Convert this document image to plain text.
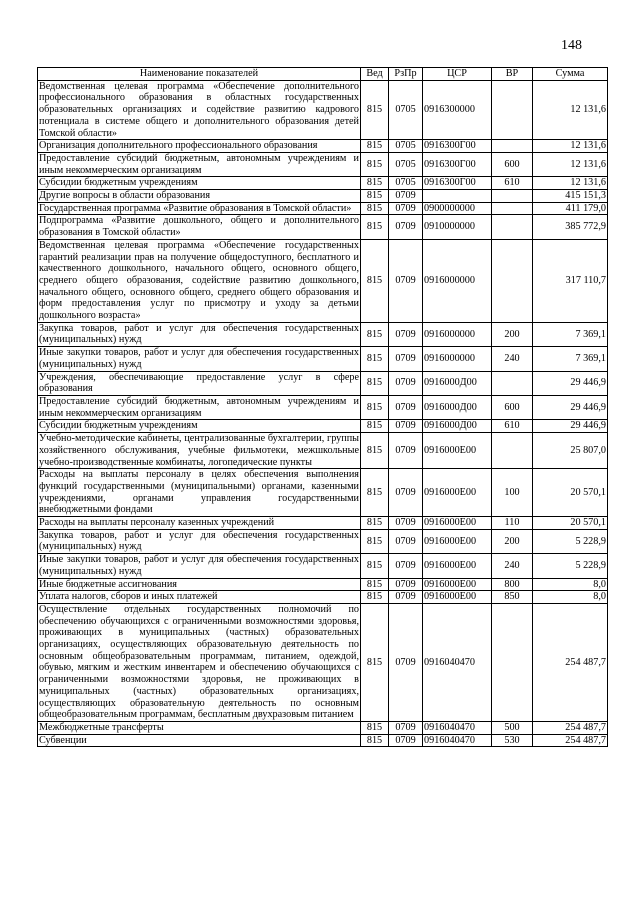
148
Наименование показателей	Вед	РзПр	ЦСР	ВР	Сумма
Ведомственная целевая программа «Обеспечение дополнительного профессионального образования в областных государственных образовательных организациях и содействие развитию кадрового потенциала в системе общего и дополнительного образования детей Томской области»	815	0705	0916300000		12 131,6
Организация дополнительного профессионального образования	815	0705	0916300Г00		12 131,6
Предоставление субсидий бюджетным, автономным учреждениям и иным некоммерческим организациям	815	0705	0916300Г00	600	12 131,6
Субсидии бюджетным учреждениям	815	0705	0916300Г00	610	12 131,6
Другие вопросы в области образования	815	0709			415 151,3
Государственная программа «Развитие образования в Томской области»	815	0709	0900000000		411 179,0
Подпрограмма «Развитие дошкольного, общего и дополнительного образования в Томской области»	815	0709	0910000000		385 772,9
Ведомственная целевая программа «Обеспечение государственных гарантий реализации прав на получение общедоступного, бесплатного и качественного дошкольного, начального общего, основного общего, среднего общего образования, содействие развитию дошкольного, начального общего, основного общего, среднего общего образования и форм предоставления услуг по присмотру и уходу за детьми дошкольного возраста»	815	0709	0916000000		317 110,7
Закупка товаров, работ и услуг для обеспечения государственных (муниципальных) нужд	815	0709	0916000000	200	7 369,1
Иные закупки товаров, работ и услуг для обеспечения государственных (муниципальных) нужд	815	0709	0916000000	240	7 369,1
Учреждения, обеспечивающие предоставление услуг в сфере образования	815	0709	0916000Д00		29 446,9
Предоставление субсидий бюджетным, автономным учреждениям и иным некоммерческим организациям	815	0709	0916000Д00	600	29 446,9
Субсидии бюджетным учреждениям	815	0709	0916000Д00	610	29 446,9
Учебно-методические кабинеты, централизованные бухгалтерии, группы хозяйственного обслуживания, учебные фильмотеки, межшкольные учебно-производственные комбинаты, логопедические пункты	815	0709	0916000Е00		25 807,0
Расходы на выплаты персоналу в целях обеспечения выполнения функций государственными (муниципальными) органами, казенными учреждениями, органами управления государственными внебюджетными фондами	815	0709	0916000Е00	100	20 570,1
Расходы на выплаты персоналу казенных учреждений	815	0709	0916000Е00	110	20 570,1
Закупка товаров, работ и услуг для обеспечения государственных (муниципальных) нужд	815	0709	0916000Е00	200	5 228,9
Иные закупки товаров, работ и услуг для обеспечения государственных (муниципальных) нужд	815	0709	0916000Е00	240	5 228,9
Иные бюджетные ассигнования	815	0709	0916000Е00	800	8,0
Уплата налогов, сборов и иных платежей	815	0709	0916000Е00	850	8,0
Осуществление отдельных государственных полномочий по обеспечению обучающихся с ограниченными возможностями здоровья, проживающих в муниципальных (частных) образовательных организациях, осуществляющих образовательную деятельность по основным общеобразовательным программам, питанием, одеждой, обувью, мягким и жестким инвентарем и обеспечению обучающихся с ограниченными возможностями здоровья, не проживающих в муниципальных (частных) образовательных организациях, осуществляющих образовательную деятельность по основным общеобразовательным программам, бесплатным двухразовым питанием	815	0709	0916040470		254 487,7
Межбюджетные трансферты	815	0709	0916040470	500	254 487,7
Субвенции	815	0709	0916040470	530	254 487,7
